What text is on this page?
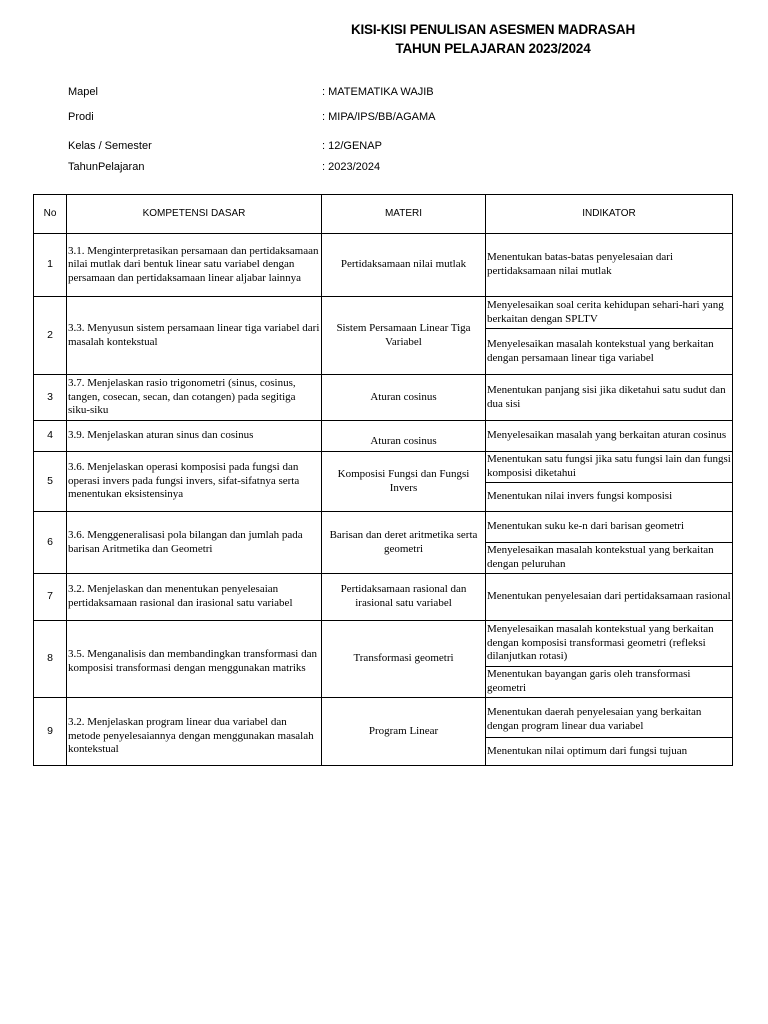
KISI-KISI PENULISAN ASESMEN MADRASAH
TAHUN PELAJARAN 2023/2024
Mapel	: MATEMATIKA WAJIB
Prodi	: MIPA/IPS/BB/AGAMA
Kelas / Semester	: 12/GENAP
TahunPelajaran	: 2023/2024
No	KOMPETENSI DASAR	MATERI	INDIKATOR
1	3.1. Menginterpretasikan persamaan dan pertidaksamaan nilai mutlak dari bentuk linear satu variabel dengan persamaan dan pertidaksamaan linear aljabar lainnya	Pertidaksamaan nilai mutlak	Menentukan batas-batas penyelesaian dari pertidaksamaan nilai mutlak
2	3.3. Menyusun sistem persamaan linear tiga variabel dari masalah kontekstual	Sistem Persamaan Linear Tiga Variabel	Menyelesaikan soal cerita kehidupan sehari-hari yang berkaitan dengan SPLTV
			Menyelesaikan masalah kontekstual yang berkaitan dengan persamaan linear tiga variabel
3	3.7. Menjelaskan rasio trigonometri (sinus, cosinus, tangen, cosecan, secan, dan cotangen) pada segitiga siku-siku	Aturan cosinus	Menentukan panjang sisi jika diketahui satu sudut dan dua sisi
4	3.9. Menjelaskan aturan sinus dan cosinus	Aturan cosinus	Menyelesaikan masalah yang berkaitan aturan cosinus
5	3.6. Menjelaskan operasi komposisi pada fungsi dan operasi invers pada fungsi invers, sifat-sifatnya serta menentukan eksistensinya	Komposisi Fungsi dan Fungsi Invers	Menentukan satu fungsi jika satu fungsi lain dan fungsi komposisi diketahui
			Menentukan nilai invers fungsi komposisi
6	3.6. Menggeneralisasi pola bilangan dan jumlah pada barisan Aritmetika dan Geometri	Barisan dan deret aritmetika serta geometri	Menentukan suku ke-n dari barisan geometri
			Menyelesaikan masalah kontekstual yang berkaitan dengan peluruhan
7	3.2. Menjelaskan dan menentukan penyelesaian pertidaksamaan rasional dan irasional satu variabel	Pertidaksamaan rasional dan irasional satu variabel	Menentukan penyelesaian dari pertidaksamaan rasional
8	3.5. Menganalisis dan membandingkan transformasi dan komposisi transformasi dengan menggunakan matriks	Transformasi geometri	Menyelesaikan masalah kontekstual yang berkaitan dengan komposisi transformasi geometri (refleksi dilanjutkan rotasi)
			Menentukan bayangan garis oleh transformasi geometri
9	3.2. Menjelaskan program linear dua variabel dan metode penyelesaiannya dengan menggunakan masalah kontekstual	Program Linear	Menentukan daerah penyelesaian yang berkaitan dengan program linear dua variabel
			Menentukan nilai optimum dari fungsi tujuan
